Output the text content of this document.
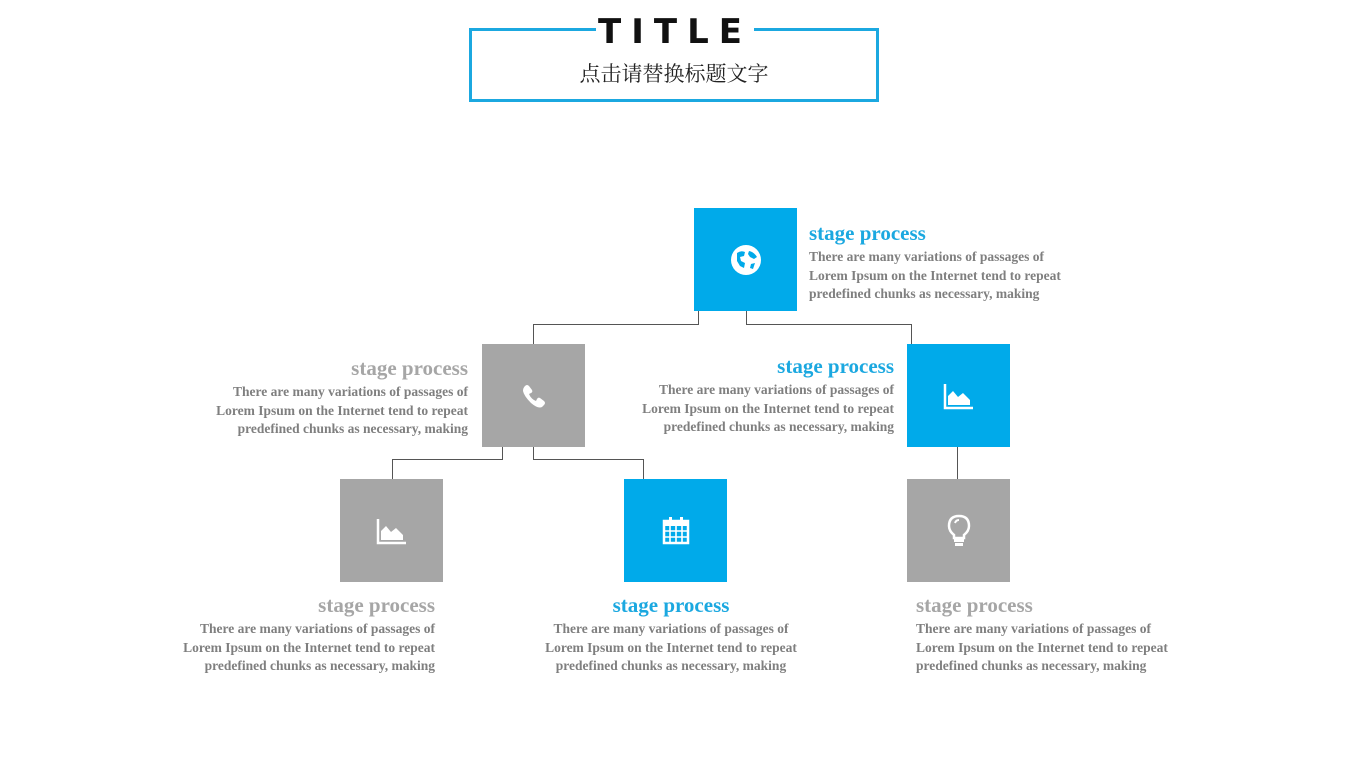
TITLE
点击请替换标题文字
stage process
There are many variations of passages of
Lorem Ipsum on the Internet tend to repeat
predefined chunks as necessary, making
stage process
There are many variations of passages of
Lorem Ipsum on the Internet tend to repeat
predefined chunks as necessary, making
stage process
There are many variations of passages of
Lorem Ipsum on the Internet tend to repeat
predefined chunks as necessary, making
stage process
There are many variations of passages of
Lorem Ipsum on the Internet tend to repeat
predefined chunks as necessary, making
stage process
There are many variations of passages of
Lorem Ipsum on the Internet tend to repeat
predefined chunks as necessary, making
stage process
There are many variations of passages of
Lorem Ipsum on the Internet tend to repeat
predefined chunks as necessary, making
